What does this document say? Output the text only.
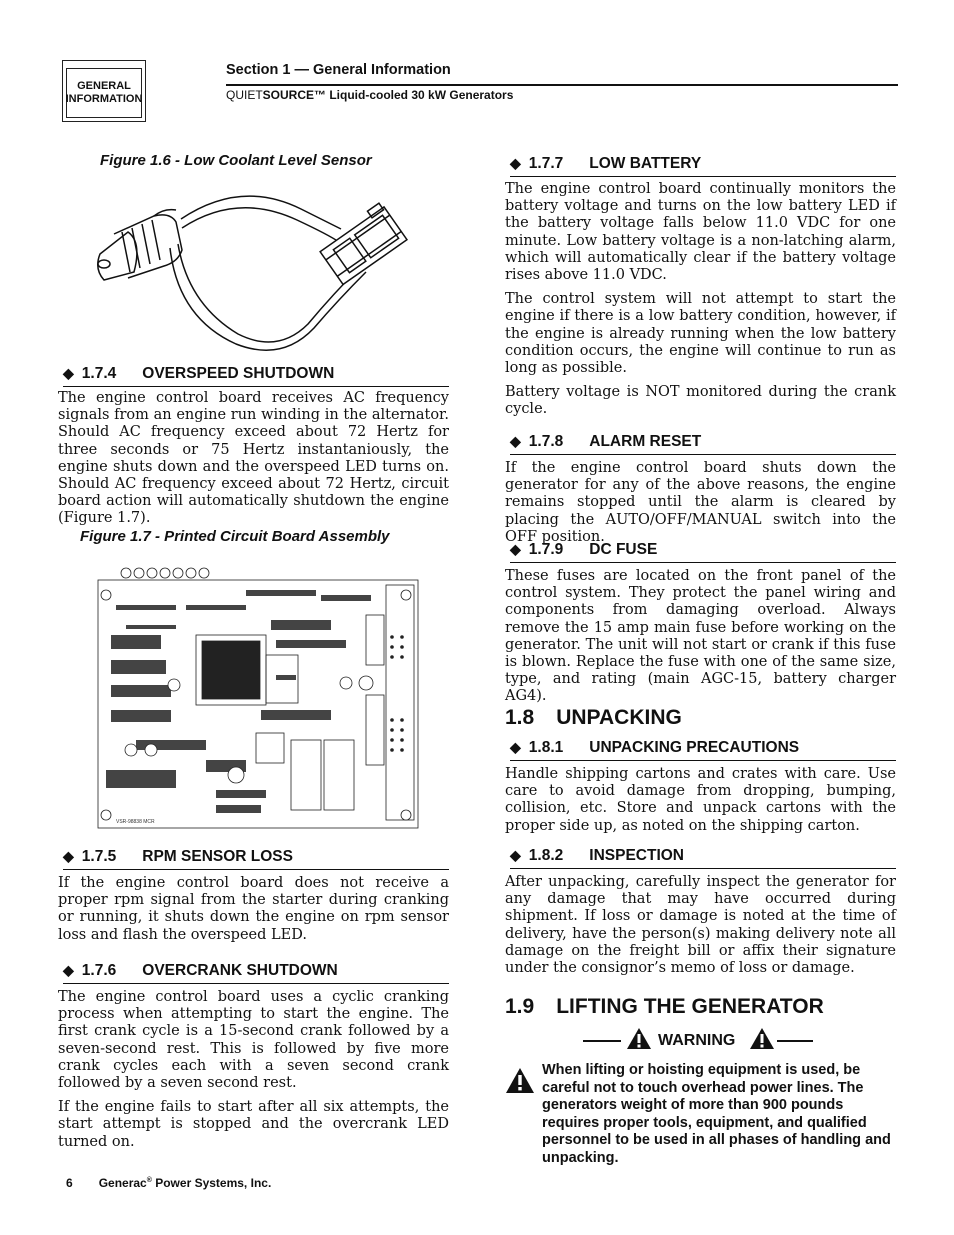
GENERAL
INFORMATION
Section 1 — General Information
QUIETSOURCE™ Liquid-cooled 30 kW Generators
Figure 1.6 - Low Coolant Level Sensor
◆ 1.7.4 OVERSPEED SHUTDOWN

The engine control board receives AC frequency signals from an engine run winding in the alternator. Should AC frequency exceed about 72 Hertz for three seconds or 75 Hertz instantaniously, the engine shuts down and the overspeed LED turns on. Should AC frequency exceed about 72 Hertz, circuit board action will automatically shutdown the engine (Figure 1.7).

Figure 1.7 - Printed Circuit Board Assembly
VSR-98838 MCR
◆ 1.7.5 RPM SENSOR LOSS

If the engine control board does not receive a proper rpm signal from the starter during cranking or running, it shuts down the engine on rpm sensor loss and flash the overspeed LED.

◆ 1.7.6 OVERCRANK SHUTDOWN

The engine control board uses a cyclic cranking process when attempting to start the engine. The first crank cycle is a 15-second crank followed by a seven-second rest. This is followed by five more crank cycles each with a seven second crank followed by a seven second rest.

If the engine fails to start after all six attempts, the start attempt is stopped and the overcrank LED turned on.

◆ 1.7.7 LOW BATTERY

The engine control board continually monitors the battery voltage and turns on the low battery LED if the battery voltage falls below 11.0 VDC for one minute. Low battery voltage is a non-latching alarm, which will automatically clear if the battery voltage rises above 11.0 VDC.

The control system will not attempt to start the engine if there is a low battery condition, however, if the engine is already running when the low battery condition occurs, the engine will continue to run as long as possible.

Battery voltage is NOT monitored during the crank cycle.

◆ 1.7.8 ALARM RESET

If the engine control board shuts down the generator for any of the above reasons, the engine remains stopped until the alarm is cleared by placing the AUTO/OFF/MANUAL switch into the OFF position.

◆ 1.7.9 DC FUSE

These fuses are located on the front panel of the control system. They protect the panel wiring and components from damaging overload. Always remove the 15 amp main fuse before working on the generator. The unit will not start or crank if this fuse is blown. Replace the fuse with one of the same size, type, and rating (main AGC-15, battery charger AG4).

1.8 UNPACKING
◆ 1.8.1 UNPACKING PRECAUTIONS

Handle shipping cartons and crates with care. Use care to avoid damage from dropping, bumping, collision, etc. Store and unpack cartons with the proper side up, as noted on the shipping carton.

◆ 1.8.2 INSPECTION

After unpacking, carefully inspect the generator for any damage that may have occurred during shipment. If loss or damage is noted at the time of delivery, have the person(s) making delivery note all damage on the freight bill or affix their signature under the consignor’s memo of loss or damage.

1.9 LIFTING THE GENERATOR
WARNING
When lifting or hoisting equipment is used, be careful not to touch overhead power lines. The generators weight of more than 900 pounds requires proper tools, equipment, and qualified personnel to be used in all phases of handling and unpacking.
6 Generac® Power Systems, Inc.
